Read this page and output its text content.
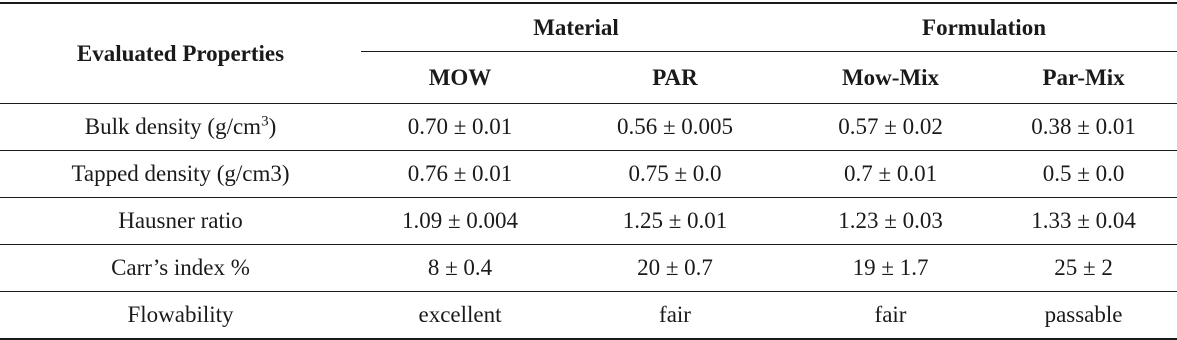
Evaluated Properties	Material		Formulation	
	MOW	PAR	Mow-Mix	Par-Mix
Bulk density $(g/cm^3)$	0.70 ± 0.01	0.56 ± 0.005	0.57 ± 0.02	0.38 ± 0.01
Tapped density (g/cm3)	0.76 ± 0.01	0.75 ± 0.0	0.7 ± 0.01	0.5 ± 0.0
Hausner ratio	1.09 ± 0.004	1.25 ± 0.01	1.23 ± 0.03	1.33 ± 0.04
Carr’s index %	8 ± 0.4	20 ± 0.7	19 ± 1.7	25 ± 2
Flowability	excellent	fair	fair	passable
